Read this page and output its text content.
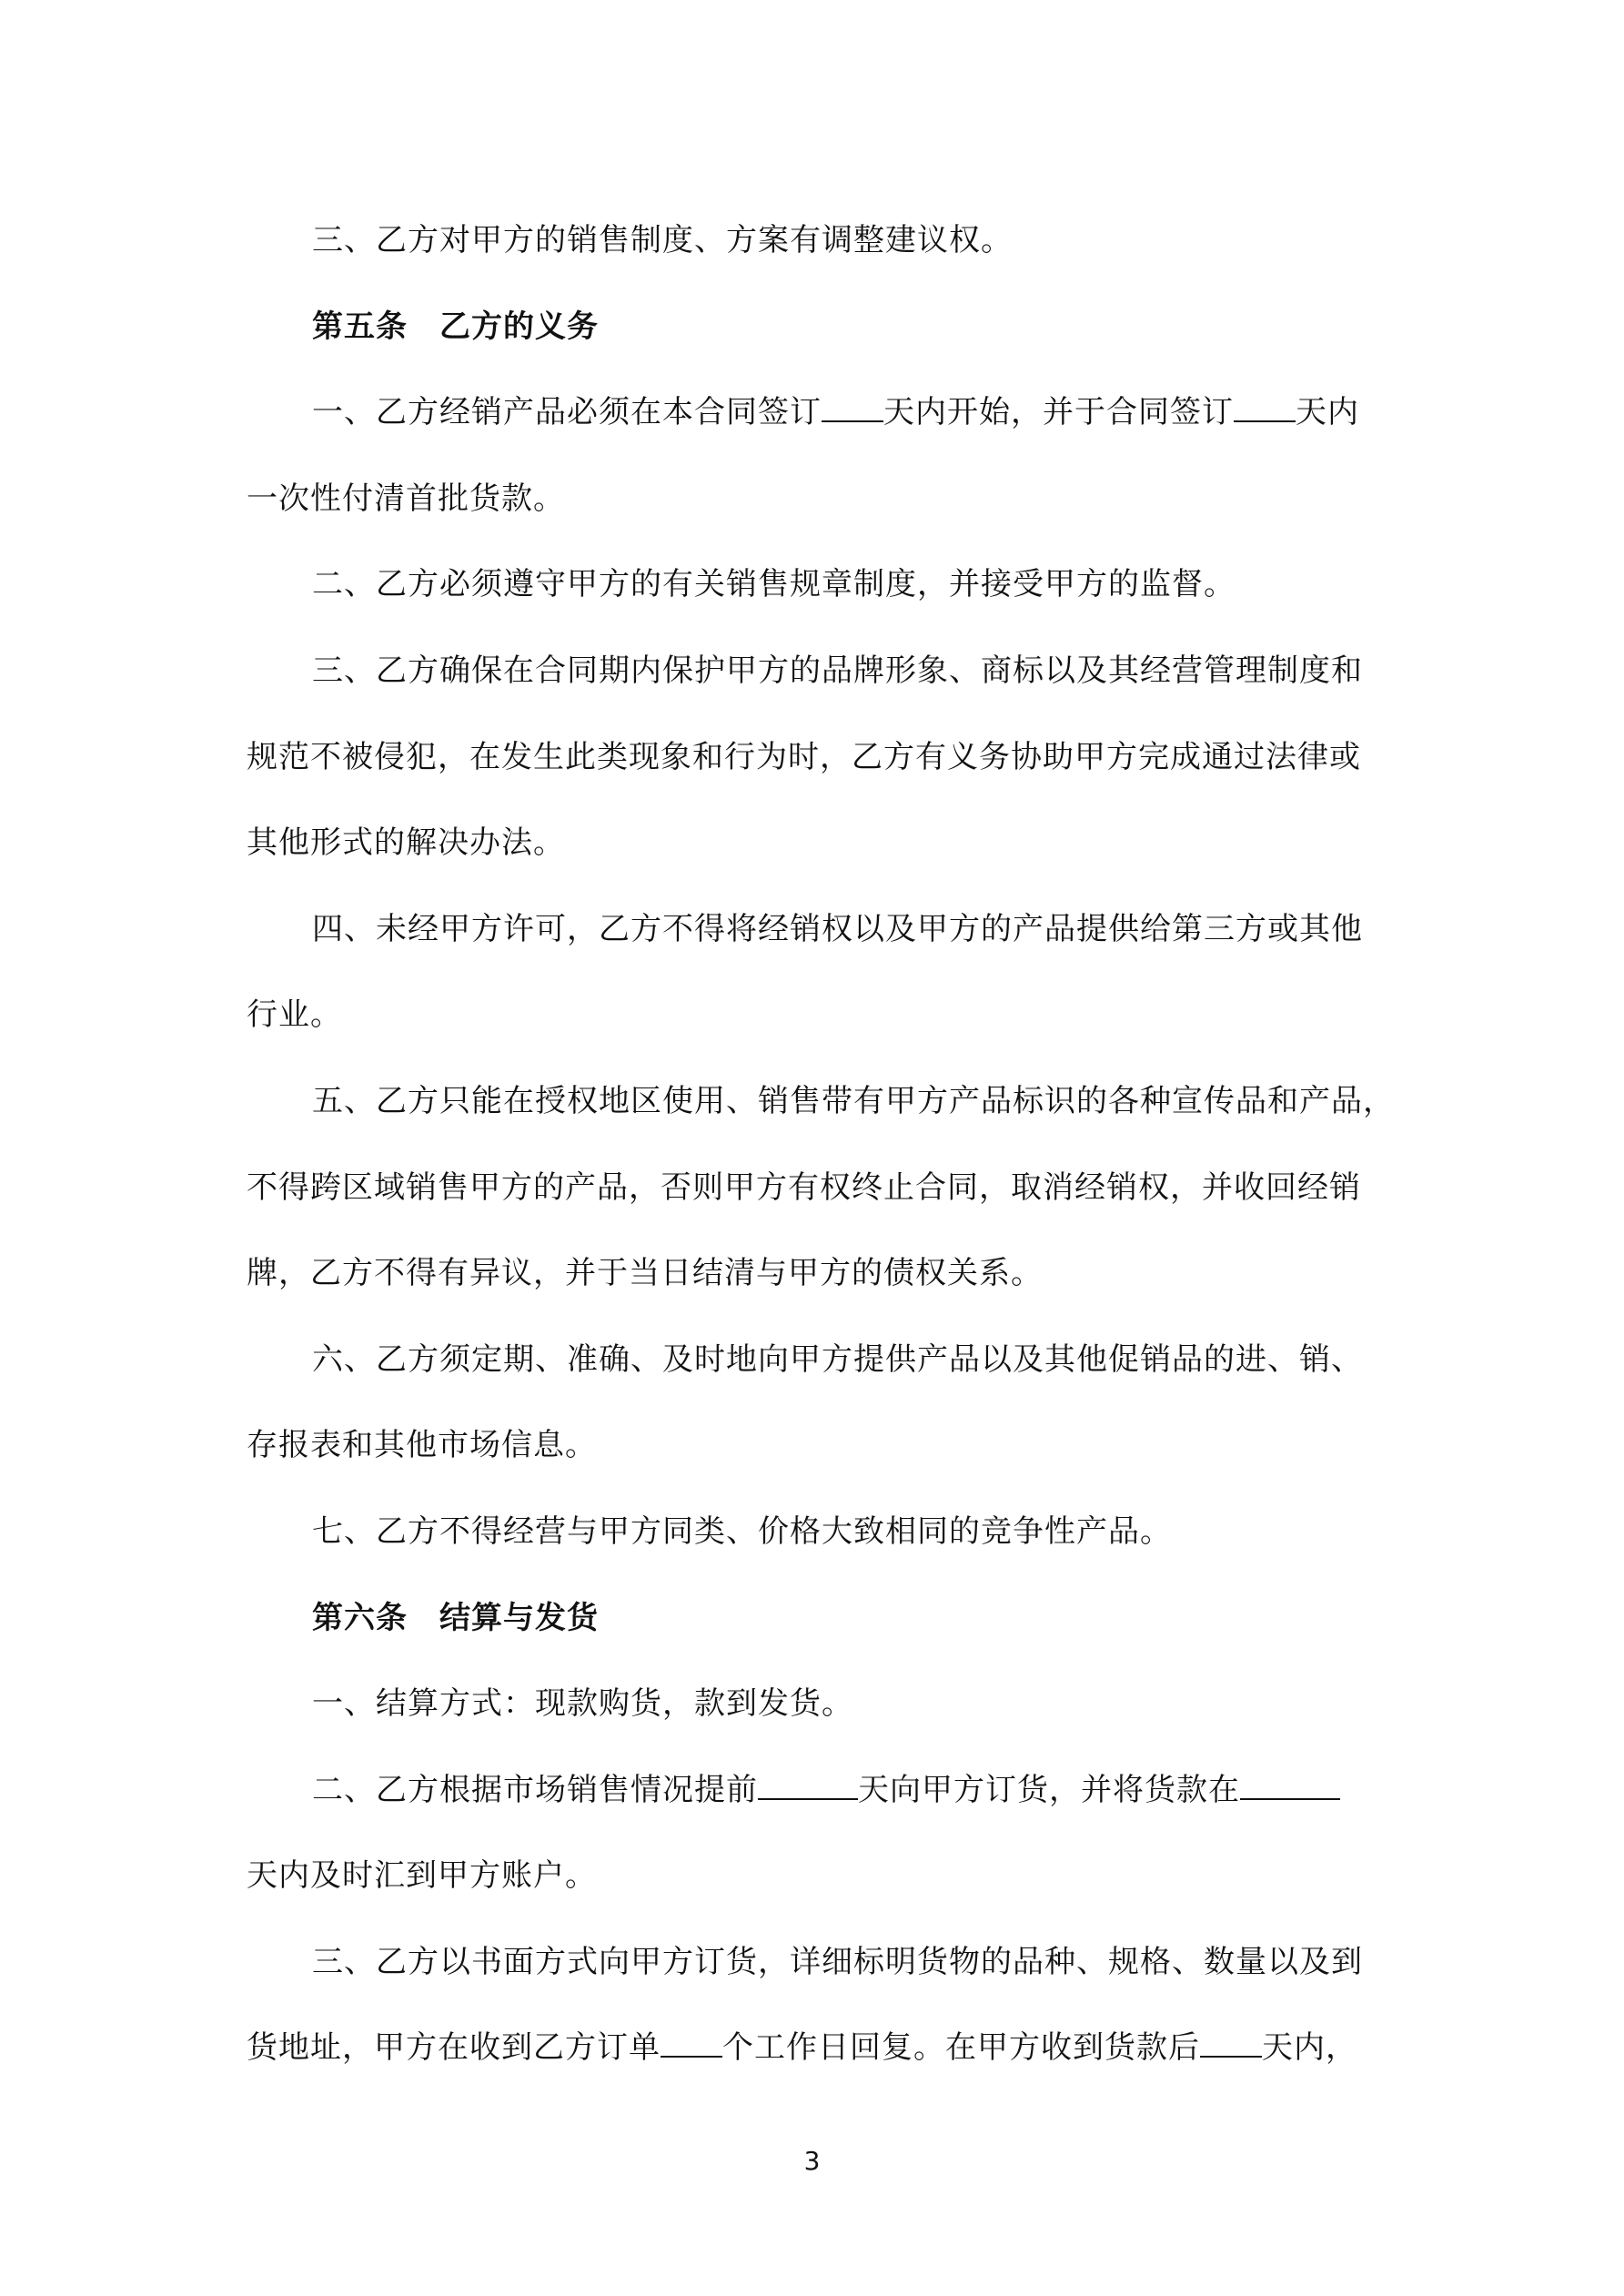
三、乙方对甲方的销售制度、方案有调整建议权。
第五条　乙方的义务
一、乙方经销产品必须在本合同签订 天内开始，并于合同签订 天内
一次性付清首批货款。
二、乙方必须遵守甲方的有关销售规章制度，并接受甲方的监督。
三、乙方确保在合同期内保护甲方的品牌形象、商标以及其经营管理制度和
规范不被侵犯，在发生此类现象和行为时，乙方有义务协助甲方完成通过法律或
其他形式的解决办法。
四、未经甲方许可，乙方不得将经销权以及甲方的产品提供给第三方或其他
行业。
五、乙方只能在授权地区使用、销售带有甲方产品标识的各种宣传品和产品，
不得跨区域销售甲方的产品，否则甲方有权终止合同，取消经销权，并收回经销
牌，乙方不得有异议，并于当日结清与甲方的债权关系。
六、乙方须定期、准确、及时地向甲方提供产品以及其他促销品的进、销、
存报表和其他市场信息。
七、乙方不得经营与甲方同类、价格大致相同的竞争性产品。
第六条　结算与发货
一、结算方式：现款购货，款到发货。
二、乙方根据市场销售情况提前	天向甲方订货，并将货款在
天内及时汇到甲方账户。
三、乙方以书面方式向甲方订货，详细标明货物的品种、规格、数量以及到
货地址，甲方在收到乙方订单 个工作日回复。在甲方收到货款后 天内，
3
